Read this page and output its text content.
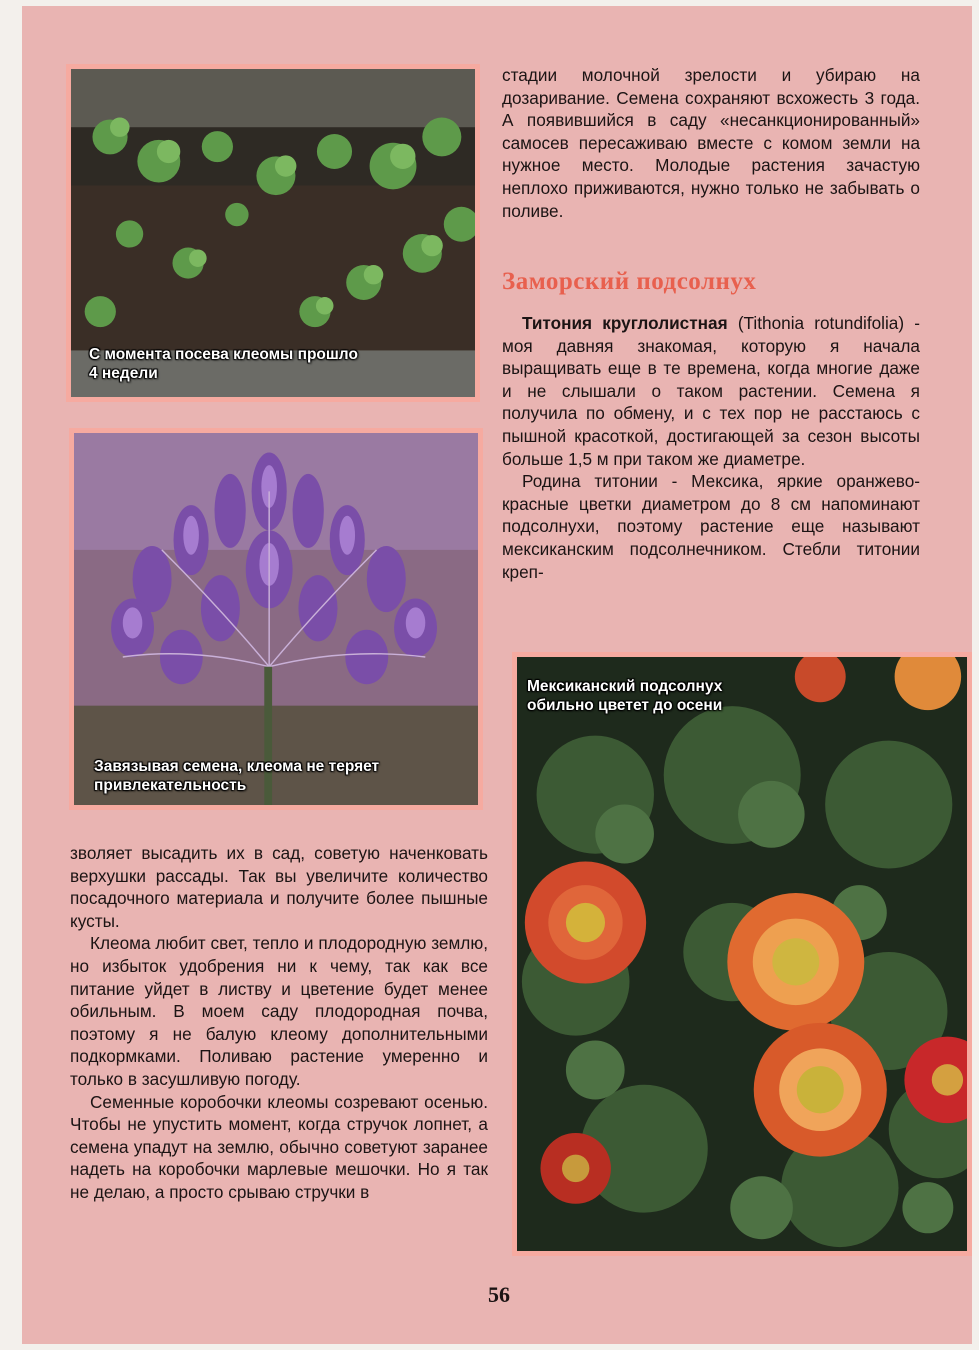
С момента посева клеомы прошло
4 недели
Завязывая семена, клеома не теряет
привлекательность

стадии молочной зрелости и убираю на дозаривание. Семена сохраняют всхожесть 3 года. А появившийся в саду «несанкционированный» самосев пересаживаю вместе с комом земли на нужное место. Молодые растения зачастую неплохо приживаются, нужно только не забывать о поливе.

Заморский подсолнух

Титония круглолистная (Tithonia rotundifolia) - моя давняя знакомая, которую я начала выращивать еще в те времена, когда многие даже и не слышали о таком растении. Семена я получила по обмену, и с тех пор не расстаюсь с пышной красоткой, достигающей за сезон высоты больше 1,5 м при таком же диаметре.

Родина титонии - Мексика, яркие оранжево-красные цветки диаметром до 8 см напоминают подсолнухи, поэтому растение еще называют мексиканским подсолнечником. Стебли титонии креп-

Мексиканский подсолнух
обильно цветет до осени

зволяет высадить их в сад, советую наченковать верхушки рассады. Так вы увеличите количество посадочного материала и получите более пышные кусты.

Клеома любит свет, тепло и плодородную землю, но избыток удобрения ни к чему, так как все питание уйдет в листву и цветение будет менее обильным. В моем саду плодородная почва, поэтому я не балую клеому дополнительными подкормками. Поливаю растение умеренно и только в засушливую погоду.

Семенные коробочки клеомы созревают осенью. Чтобы не упустить момент, когда стручок лопнет, а семена упадут на землю, обычно советуют заранее надеть на коробочки марлевые мешочки. Но я так не делаю, а просто срываю стручки в

56
